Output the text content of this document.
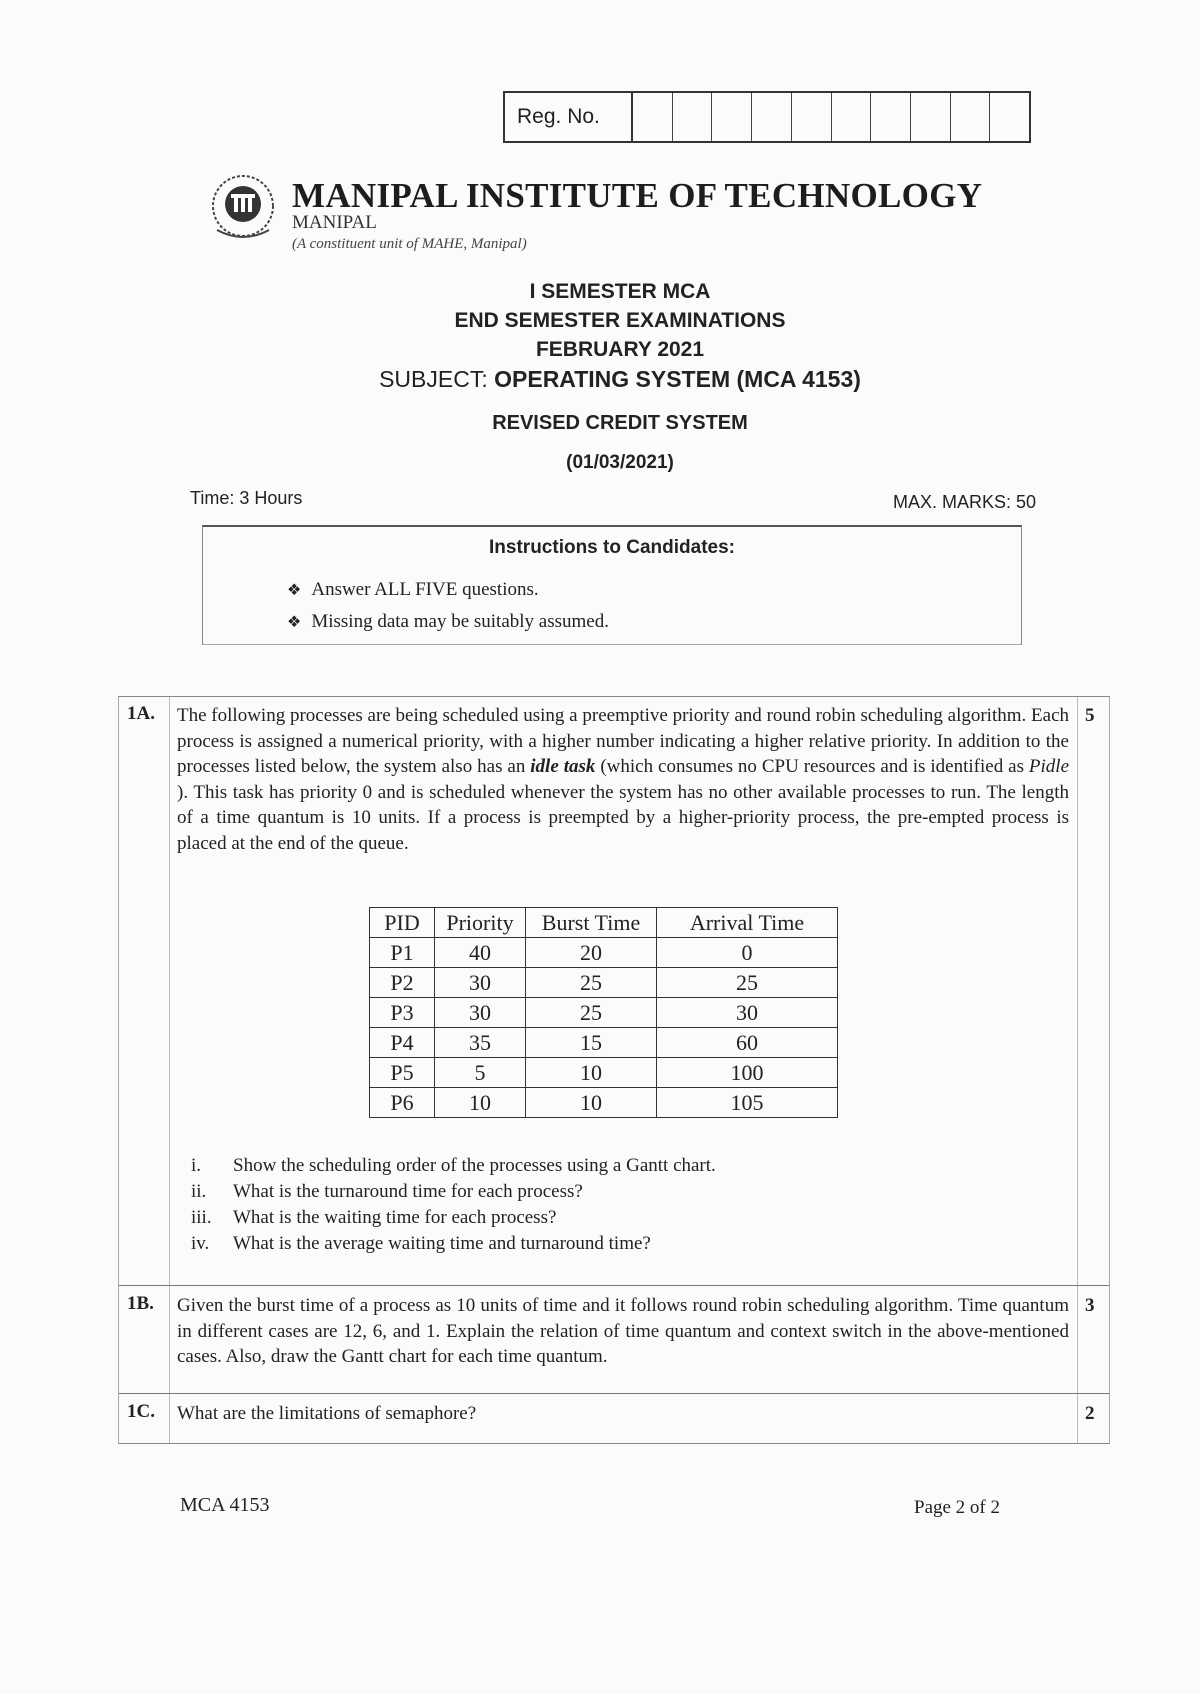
Reg. No.
MANIPAL INSTITUTE OF TECHNOLOGY
MANIPAL
(A constituent unit of MAHE, Manipal)
I SEMESTER MCA
END SEMESTER EXAMINATIONS
FEBRUARY 2021
SUBJECT: OPERATING SYSTEM (MCA 4153)
REVISED CREDIT SYSTEM
(01/03/2021)
Time: 3 Hours	MAX. MARKS: 50
Instructions to Candidates:
❖ Answer ALL FIVE questions.
❖ Missing data may be suitably assumed.
1A.	5
The following processes are being scheduled using a preemptive priority and round robin scheduling algorithm. Each process is assigned a numerical priority, with a higher number indicating a higher relative priority. In addition to the processes listed below, the system also has an idle task (which consumes no CPU resources and is identified as Pidle ). This task has priority 0 and is scheduled whenever the system has no other available processes to run. The length of a time quantum is 10 units. If a process is preempted by a higher-priority process, the pre-empted process is placed at the end of the queue.
PID	Priority	Burst Time	Arrival Time
P1	40	20	0
P2	30	25	25
P3	30	25	30
P4	35	15	60
P5	5	10	100
P6	10	10	105
i. Show the scheduling order of the processes using a Gantt chart.
ii. What is the turnaround time for each process?
iii. What is the waiting time for each process?
iv. What is the average waiting time and turnaround time?
1B.	3
Given the burst time of a process as 10 units of time and it follows round robin scheduling algorithm. Time quantum in different cases are 12, 6, and 1. Explain the relation of time quantum and context switch in the above-mentioned cases. Also, draw the Gantt chart for each time quantum.
1C.	2
What are the limitations of semaphore?
MCA 4153	Page 2 of 2
